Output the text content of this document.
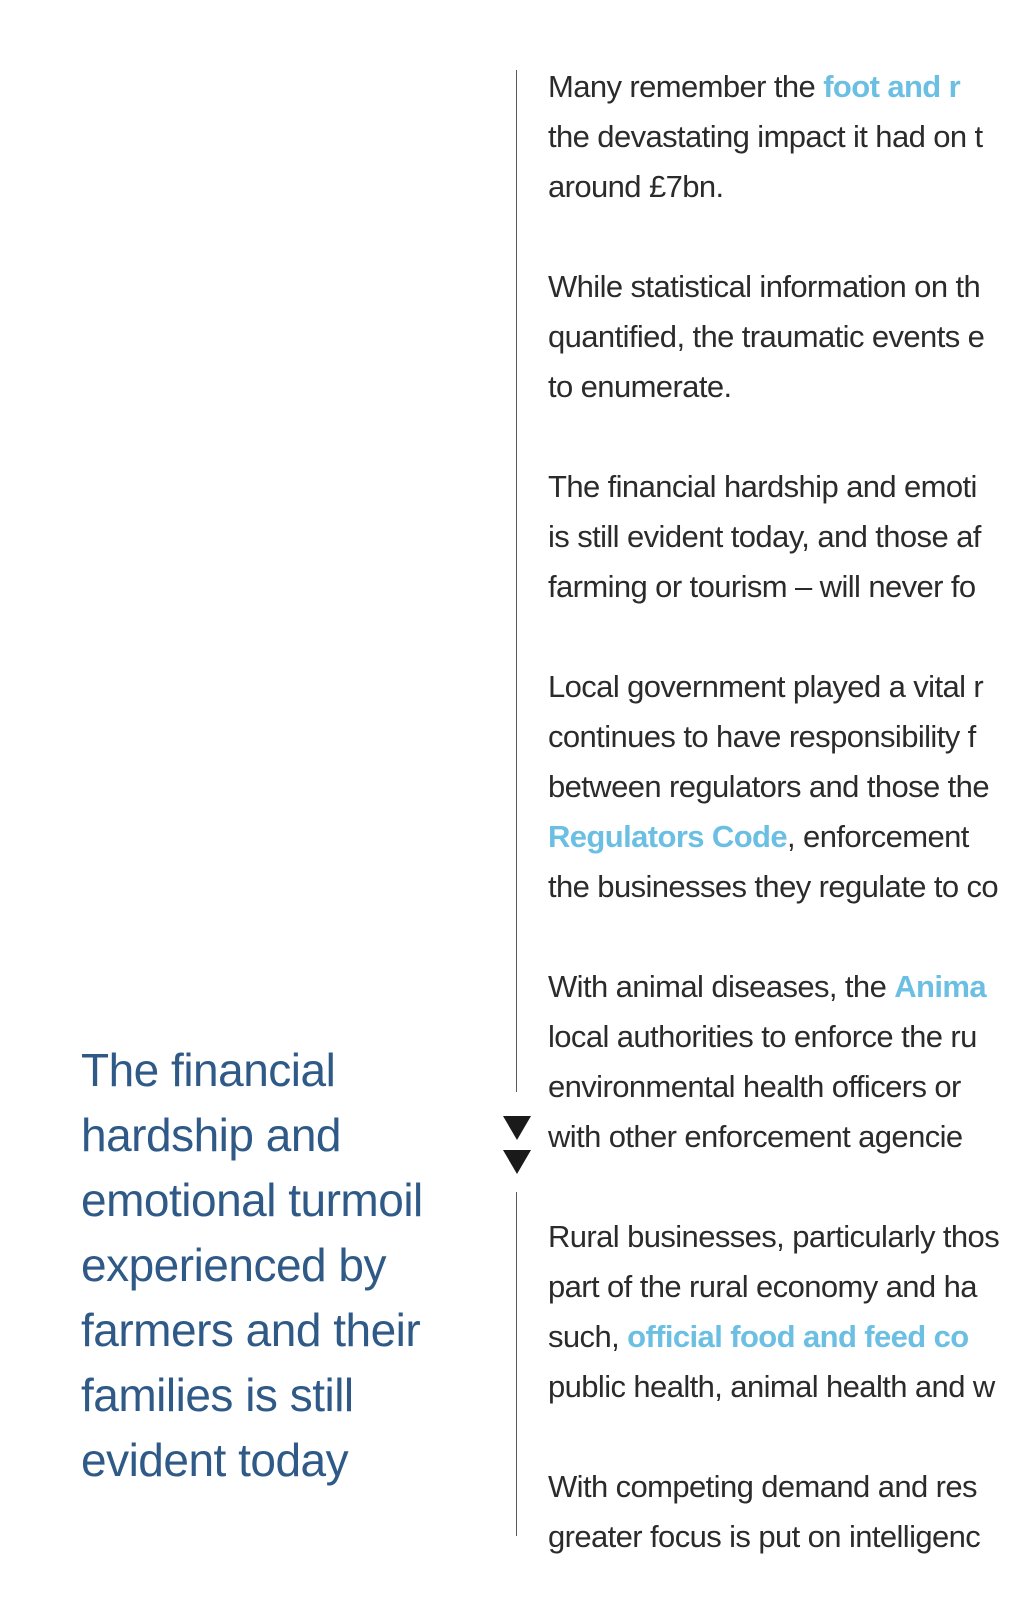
The financial
hardship and
emotional turmoil
experienced by
farmers and their
families is still
evident today

Many remember the foot and r
the devastating impact it had on t
around £7bn.

While statistical information on th
quantified, the traumatic events e
to enumerate.

The financial hardship and emoti
is still evident today, and those af
farming or tourism – will never fo

Local government played a vital r
continues to have responsibility f
between regulators and those the
Regulators Code, enforcement
the businesses they regulate to co

With animal diseases, the Anima
local authorities to enforce the ru
environmental health officers or
with other enforcement agencie

Rural businesses, particularly thos
part of the rural economy and ha
such, official food and feed co
public health, animal health and w

With competing demand and res
greater focus is put on intelligenc
